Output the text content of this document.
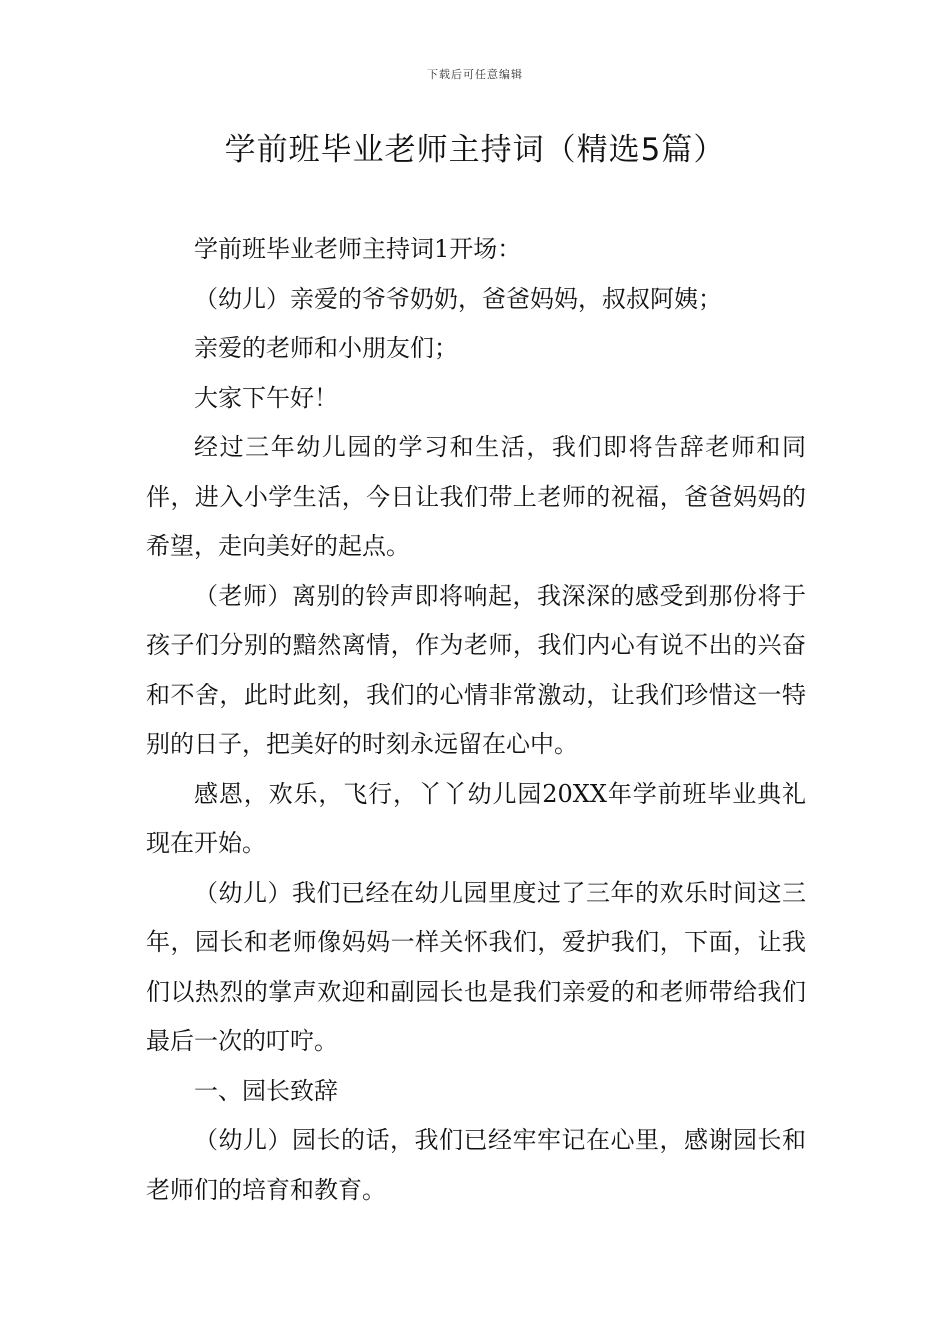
下载后可任意编辑
学前班毕业老师主持词（精选5篇）

学前班毕业老师主持词1开场：

（幼儿）亲爱的爷爷奶奶，爸爸妈妈，叔叔阿姨；

亲爱的老师和小朋友们；

大家下午好！

经过三年幼儿园的学习和生活，我们即将告辞老师和同伴，进入小学生活，今日让我们带上老师的祝福，爸爸妈妈的希望，走向美好的起点。

（老师）离别的铃声即将响起，我深深的感受到那份将于孩子们分别的黯然离情，作为老师，我们内心有说不出的兴奋和不舍，此时此刻，我们的心情非常激动，让我们珍惜这一特别的日子，把美好的时刻永远留在心中。

感恩，欢乐，飞行，丫丫幼儿园20XX年学前班毕业典礼现在开始。

（幼儿）我们已经在幼儿园里度过了三年的欢乐时间这三年，园长和老师像妈妈一样关怀我们，爱护我们，下面，让我们以热烈的掌声欢迎和副园长也是我们亲爱的和老师带给我们最后一次的叮咛。

一、园长致辞

（幼儿）园长的话，我们已经牢牢记在心里，感谢园长和老师们的培育和教育。
